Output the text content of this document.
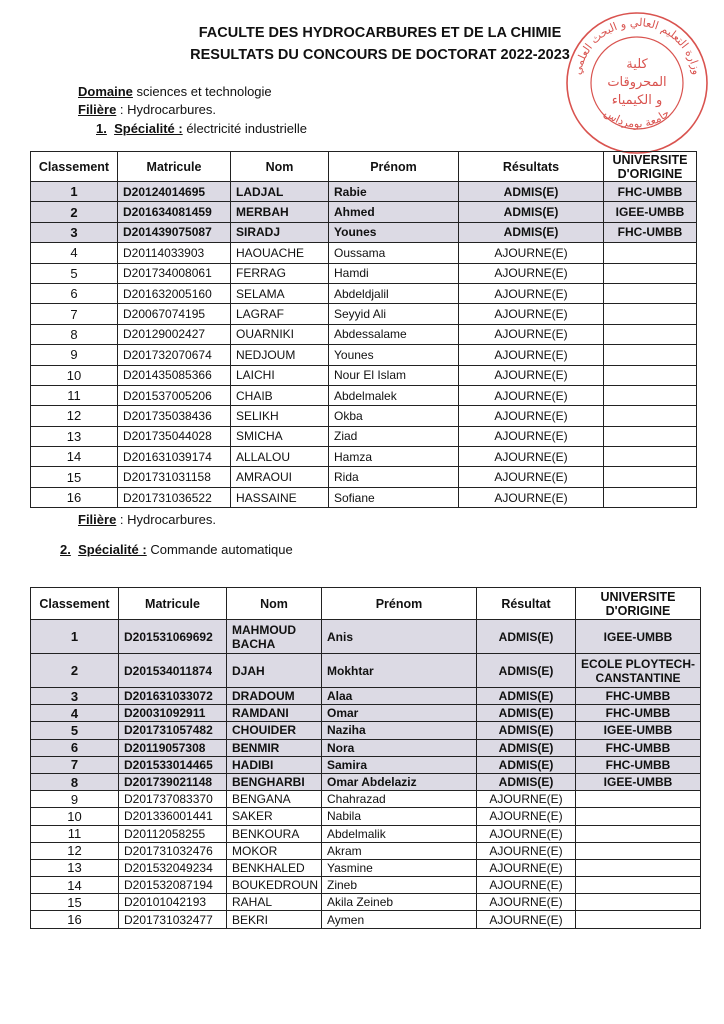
FACULTE DES HYDROCARBURES ET DE LA CHIMIE
RESULTATS DU CONCOURS DE DOCTORAT 2022-2023
وزارة التعليم العالي و البحث العلمي
جامعة بومرداس
كلية
المحروقات
و الكيمياء
Domaine sciences et technologie
Filière : Hydrocarbures.
1. Spécialité : électricité industrielle
Classement	Matricule	Nom	Prénom	Résultats	UNIVERSITE D'ORIGINE
1	D20124014695	LADJAL	Rabie	ADMIS(E)	FHC-UMBB
2	D201634081459	MERBAH	Ahmed	ADMIS(E)	IGEE-UMBB
3	D201439075087	SIRADJ	Younes	ADMIS(E)	FHC-UMBB
4	D20114033903	HAOUACHE	Oussama	AJOURNE(E)	
5	D201734008061	FERRAG	Hamdi	AJOURNE(E)	
6	D201632005160	SELAMA	Abdeldjalil	AJOURNE(E)	
7	D20067074195	LAGRAF	Seyyid Ali	AJOURNE(E)	
8	D20129002427	OUARNIKI	Abdessalame	AJOURNE(E)	
9	D201732070674	NEDJOUM	Younes	AJOURNE(E)	
10	D201435085366	LAICHI	Nour El Islam	AJOURNE(E)	
11	D201537005206	CHAIB	Abdelmalek	AJOURNE(E)	
12	D201735038436	SELIKH	Okba	AJOURNE(E)	
13	D201735044028	SMICHA	Ziad	AJOURNE(E)	
14	D201631039174	ALLALOU	Hamza	AJOURNE(E)	
15	D201731031158	AMRAOUI	Rida	AJOURNE(E)	
16	D201731036522	HASSAINE	Sofiane	AJOURNE(E)	
Filière : Hydrocarbures.
2. Spécialité : Commande automatique
Classement	Matricule	Nom	Prénom	Résultat	UNIVERSITE D'ORIGINE
1	D201531069692	MAHMOUD BACHA	Anis	ADMIS(E)	IGEE-UMBB
2	D201534011874	DJAH	Mokhtar	ADMIS(E)	ECOLE PLOYTECH-CANSTANTINE
3	D201631033072	DRADOUM	Alaa	ADMIS(E)	FHC-UMBB
4	D20031092911	RAMDANI	Omar	ADMIS(E)	FHC-UMBB
5	D201731057482	CHOUIDER	Naziha	ADMIS(E)	IGEE-UMBB
6	D20119057308	BENMIR	Nora	ADMIS(E)	FHC-UMBB
7	D201533014465	HADIBI	Samira	ADMIS(E)	FHC-UMBB
8	D201739021148	BENGHARBI	Omar Abdelaziz	ADMIS(E)	IGEE-UMBB
9	D201737083370	BENGANA	Chahrazad	AJOURNE(E)	
10	D201336001441	SAKER	Nabila	AJOURNE(E)	
11	D20112058255	BENKOURA	Abdelmalik	AJOURNE(E)	
12	D201731032476	MOKOR	Akram	AJOURNE(E)	
13	D201532049234	BENKHALED	Yasmine	AJOURNE(E)	
14	D201532087194	BOUKEDROUN	Zineb	AJOURNE(E)	
15	D20101042193	RAHAL	Akila Zeineb	AJOURNE(E)	
16	D201731032477	BEKRI	Aymen	AJOURNE(E)	
